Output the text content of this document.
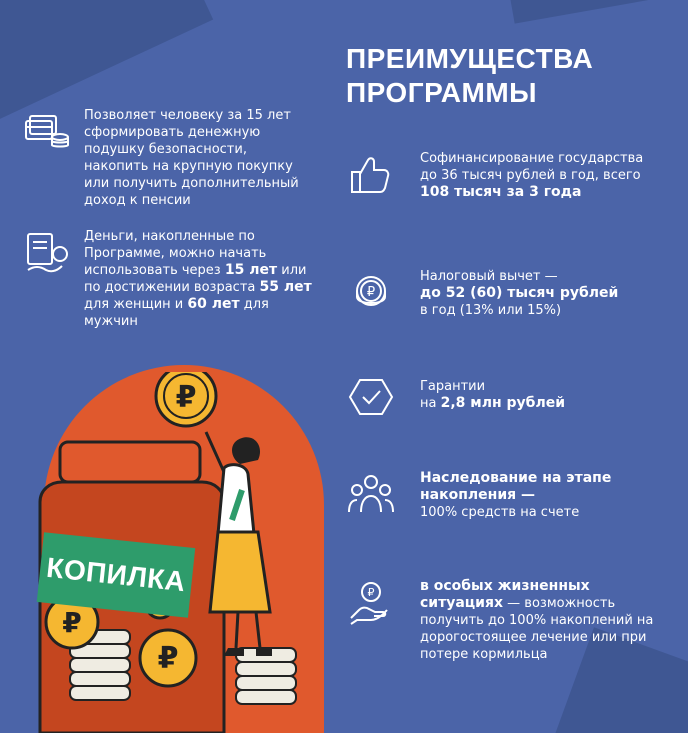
ПРЕИМУЩЕСТВА
ПРОГРАММЫ
Позволяет человеку за 15 лет сформировать денежную подушку безопасности, накопить на крупную покупку или получить дополнительный доход к пенсии
Деньги, накопленные по Программе, можно начать использовать через 15 лет или по достижении возраста 55 лет для женщин и 60 лет для мужчин
Софинансирование государства до 36 тысяч рублей в год, всего 108 тысяч за 3 года
₽
Налоговый вычет —
до 52 (60) тысяч рублей
в год (13% или 15%)
Гарантии
на 2,8 млн рублей
Наследование на этапе накопления —
100% средств на счете
₽	в особых жизненных ситуациях — возможность получить до 100% накоплений на дорогостоящее лечение или при потере кормильца
₽
₽
₽
КОПИЛКА
